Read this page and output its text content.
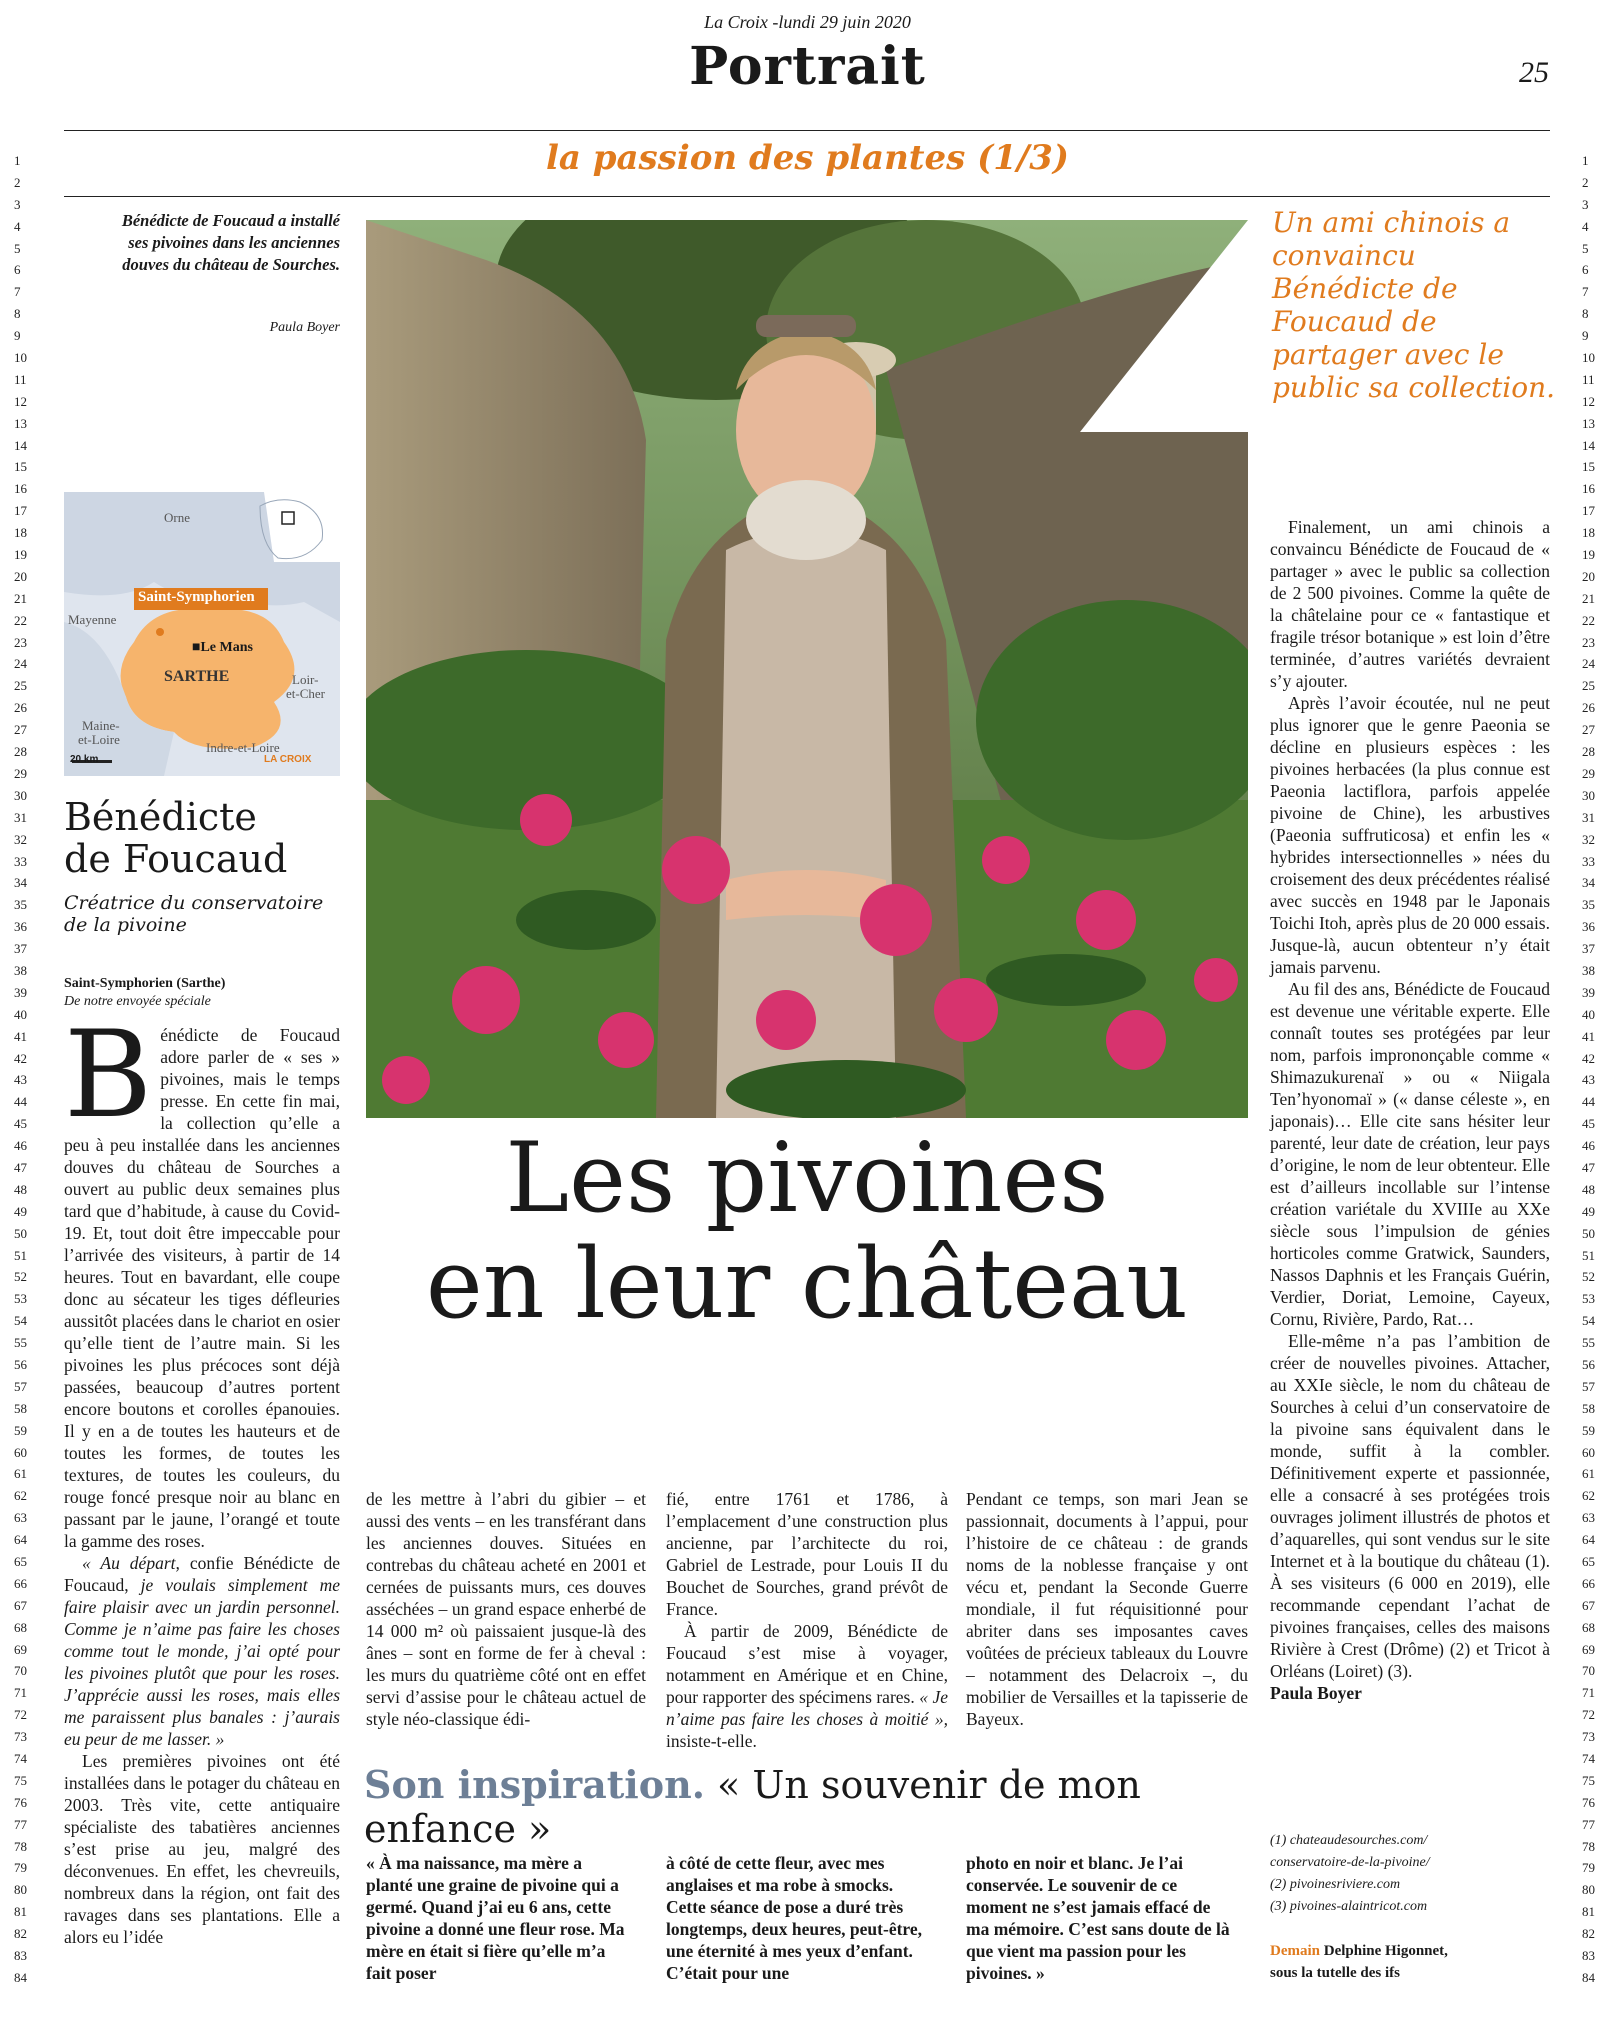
La Croix -lundi 29 juin 2020
Portrait	25
la passion des plantes (1/3)
1
2
3
4
5
6
7
8
9
10
11
12
13
14
15
16
17
18
19
20
21
22
23
24
25
26
27
28
29
30
31
32
33
34
35
36
37
38
39
40
41
42
43
44
45
46
47
48
49
50
51
52
53
54
55
56
57
58
59
60
61
62
63
64
65
66
67
68
69
70
71
72
73
74
75
76
77
78
79
80
81
82
83
84
1
2
3
4
5
6
7
8
9
10
11
12
13
14
15
16
17
18
19
20
21
22
23
24
25
26
27
28
29
30
31
32
33
34
35
36
37
38
39
40
41
42
43
44
45
46
47
48
49
50
51
52
53
54
55
56
57
58
59
60
61
62
63
64
65
66
67
68
69
70
71
72
73
74
75
76
77
78
79
80
81
82
83
84
Bénédicte de Foucaud a installé ses pivoines dans les anciennes douves du château de Sourches.
Paula Boyer
Un ami chinois a convaincu Bénédicte de Foucaud de partager avec le public sa collection.
Orne
Saint-Symphorien
Mayenne
■Le Mans
SARTHE	Loir-
et-Cher
Maine-
et-Loire
Indre-et-Loire
20 km	LA CROIX
Bénédicte
de Foucaud
Créatrice du conservatoire
de la pivoine
Saint-Symphorien (Sarthe)
De notre envoyée spéciale
B énédicte de Foucaud adore parler de « ses » pivoines, mais le temps presse. En cette fin mai, la collection qu’elle a peu à peu installée dans les anciennes douves du château de Sourches a ouvert au public deux semaines plus tard que d’habitude, à cause du Covid-19. Et, tout doit être impeccable pour l’arrivée des visiteurs, à partir de 14 heures. Tout en bavardant, elle coupe donc au sécateur les tiges défleuries aussitôt placées dans le chariot en osier qu’elle tient de l’autre main. Si les pivoines les plus précoces sont déjà passées, beaucoup d’autres portent encore boutons et corolles épanouies. Il y en a de toutes les hauteurs et de toutes les formes, de toutes les textures, de toutes les couleurs, du rouge foncé presque noir au blanc en passant par le jaune, l’orangé et toute la gamme des roses.

« Au départ, confie Bénédicte de Foucaud, je voulais simplement me faire plaisir avec un jardin personnel. Comme je n’aime pas faire les choses comme tout le monde, j’ai opté pour les pivoines plutôt que pour les roses. J’apprécie aussi les roses, mais elles me paraissent plus banales : j’aurais eu peur de me lasser. »

Les premières pivoines ont été installées dans le potager du château en 2003. Très vite, cette antiquaire spécialiste des tabatières anciennes s’est prise au jeu, malgré des déconvenues. En effet, les chevreuils, nombreux dans la région, ont fait des ravages dans ses plantations. Elle a alors eu l’idée

Les pivoines
en leur château

de les mettre à l’abri du gibier – et aussi des vents – en les transférant dans les anciennes douves. Situées en contrebas du château acheté en 2001 et cernées de puissants murs, ces douves asséchées – un grand espace enherbé de 14 000 m² où paissaient jusque-là des ânes – sont en forme de fer à cheval : les murs du quatrième côté ont en effet servi d’assise pour le château actuel de style néo-classique édi-

fié, entre 1761 et 1786, à l’emplacement d’une construction plus ancienne, par l’architecte du roi, Gabriel de Lestrade, pour Louis II du Bouchet de Sourches, grand prévôt de France.

À partir de 2009, Bénédicte de Foucaud s’est mise à voyager, notamment en Amérique et en Chine, pour rapporter des spécimens rares. « Je n’aime pas faire les choses à moitié », insiste-t-elle.

Pendant ce temps, son mari Jean se passionnait, documents à l’appui, pour l’histoire de ce château : de grands noms de la noblesse française y ont vécu et, pendant la Seconde Guerre mondiale, il fut réquisitionné pour abriter dans ses imposantes caves voûtées de précieux tableaux du Louvre – notamment des Delacroix –, du mobilier de Versailles et la tapisserie de Bayeux.

Finalement, un ami chinois a convaincu Bénédicte de Foucaud de « partager » avec le public sa collection de 2 500 pivoines. Comme la quête de la châtelaine pour ce « fantastique et fragile trésor botanique » est loin d’être terminée, d’autres variétés devraient s’y ajouter.

Après l’avoir écoutée, nul ne peut plus ignorer que le genre Paeonia se décline en plusieurs espèces : les pivoines herbacées (la plus connue est Paeonia lactiflora, parfois appelée pivoine de Chine), les arbustives (Paeonia suffruticosa) et enfin les « hybrides intersectionnelles » nées du croisement des deux précédentes réalisé avec succès en 1948 par le Japonais Toichi Itoh, après plus de 20 000 essais. Jusque-là, aucun obtenteur n’y était jamais parvenu.

Au fil des ans, Bénédicte de Foucaud est devenue une véritable experte. Elle connaît toutes ses protégées par leur nom, parfois imprononçable comme « Shimazukurenaï » ou « Niigala Ten’hyonomaï » (« danse céleste », en japonais)… Elle cite sans hésiter leur parenté, leur date de création, leur pays d’origine, le nom de leur obtenteur. Elle est d’ailleurs incollable sur l’intense création variétale du XVIIIe au XXe siècle sous l’impulsion de génies horticoles comme Gratwick, Saunders, Nassos Daphnis et les Français Guérin, Verdier, Doriat, Lemoine, Cayeux, Cornu, Rivière, Pardo, Rat…

Elle-même n’a pas l’ambition de créer de nouvelles pivoines. Attacher, au XXIe siècle, le nom du château de Sourches à celui d’un conservatoire de la pivoine sans équivalent dans le monde, suffit à la combler. Définitivement experte et passionnée, elle a consacré à ses protégées trois ouvrages joliment illustrés de photos et d’aquarelles, qui sont vendus sur le site Internet et à la boutique du château (1). À ses visiteurs (6 000 en 2019), elle recommande cependant l’achat de pivoines françaises, celles des maisons Rivière à Crest (Drôme) (2) et Tricot à Orléans (Loiret) (3).

Paula Boyer

Son inspiration. « Un souvenir de mon enfance »
« À ma naissance, ma mère a planté une graine de pivoine qui a germé. Quand j’ai eu 6 ans, cette pivoine a donné une fleur rose. Ma mère en était si fière qu’elle m’a fait poser
à côté de cette fleur, avec mes anglaises et ma robe à smocks. Cette séance de pose a duré très longtemps, deux heures, peut-être, une éternité à mes yeux d’enfant. C’était pour une
photo en noir et blanc. Je l’ai conservée. Le souvenir de ce moment ne s’est jamais effacé de ma mémoire. C’est sans doute de là que vient ma passion pour les pivoines. »
(1) chateaudesourches.com/
conservatoire-de-la-pivoine/
(2) pivoinesriviere.com
(3) pivoines-alaintricot.com
Demain Delphine Higonnet,
sous la tutelle des ifs
